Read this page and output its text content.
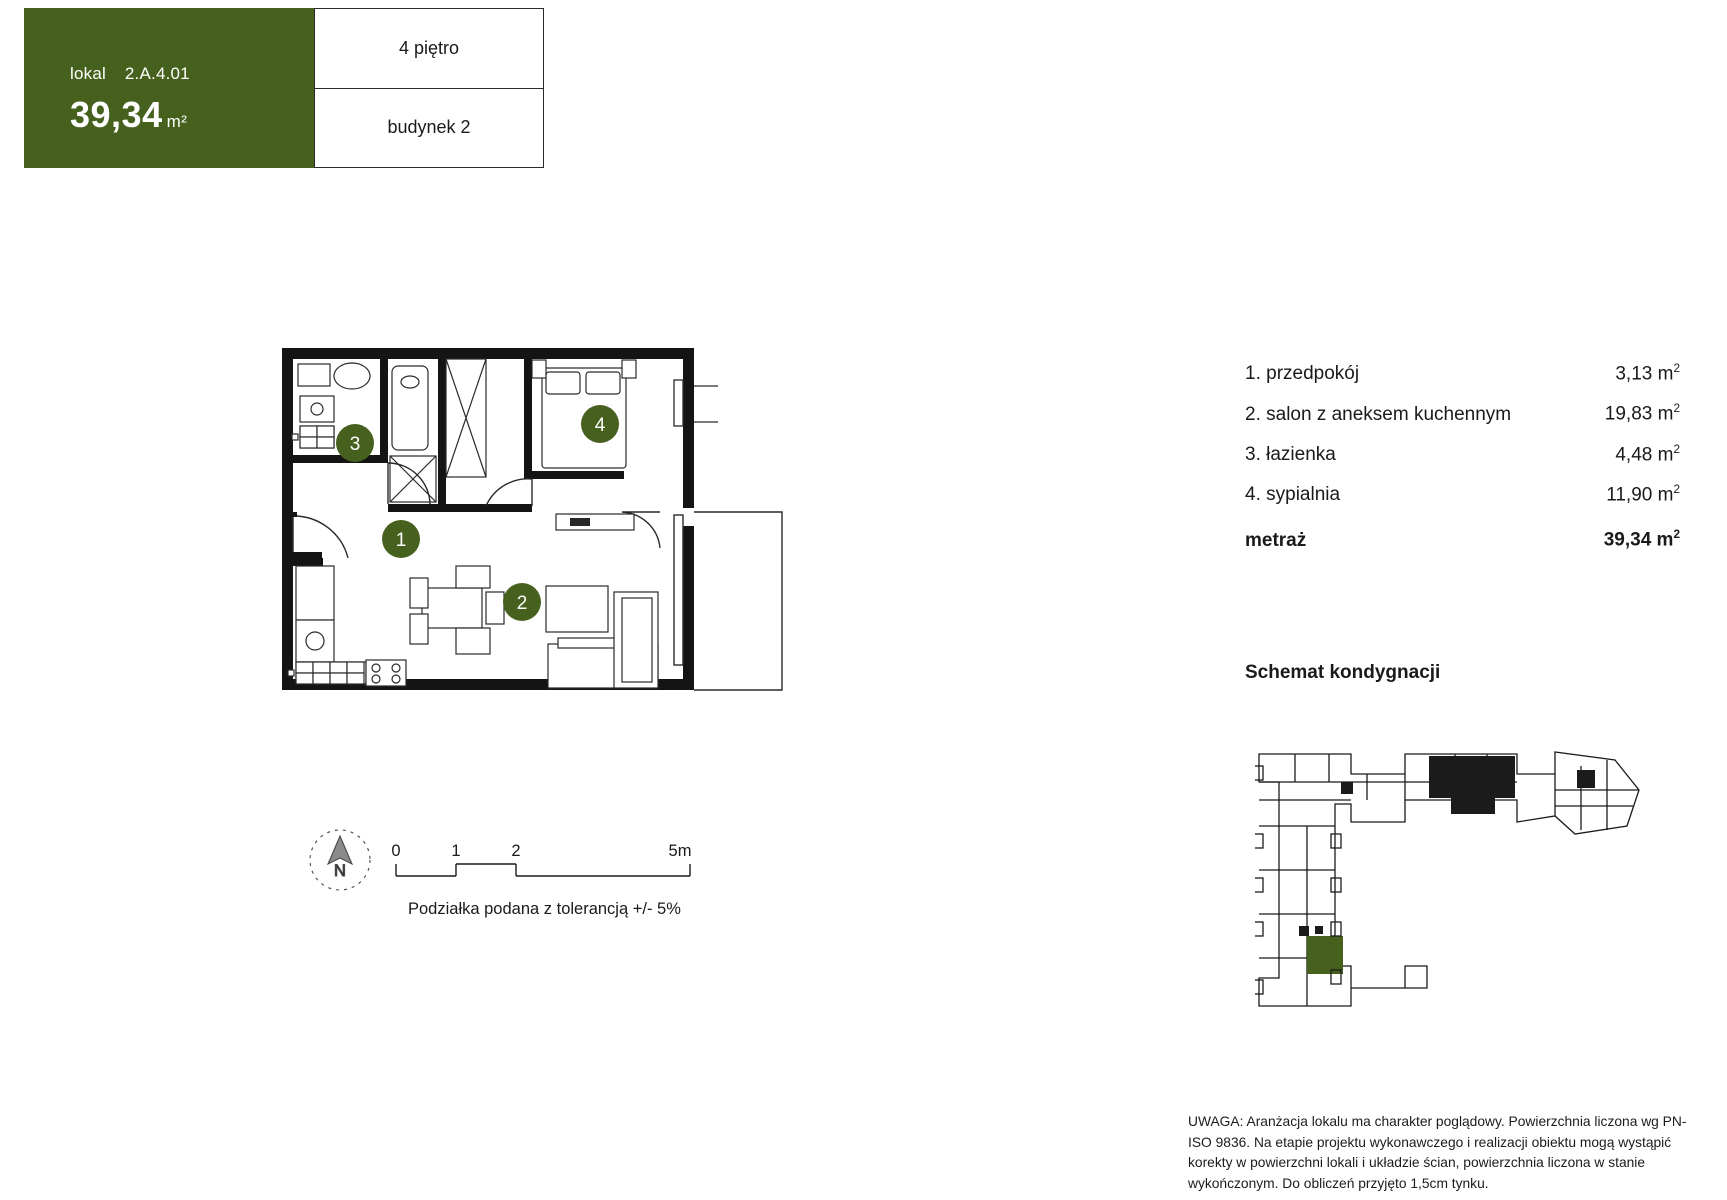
lokal 2.A.4.01
39,34 m²
4 piętro
budynek 2
1
2
3
4
N
0	1	2	5m
Podziałka podana z tolerancją +/- 5%
1. przedpokój	3,13 $m^2$
2. salon z aneksem kuchennym	19,83 $m^2$
3. łazienka	4,48 $m^2$
4. sypialnia	11,90 $m^2$
metraż	39,34 $m^2$
Schemat kondygnacji
UWAGA: Aranżacja lokalu ma charakter poglądowy. Powierzchnia liczona wg PN-ISO 9836. Na etapie projektu wykonawczego i realizacji obiektu mogą wystąpić korekty w powierzchni lokali i układzie ścian, powierzchnia liczona w stanie wykończonym. Do obliczeń przyjęto 1,5cm tynku.
